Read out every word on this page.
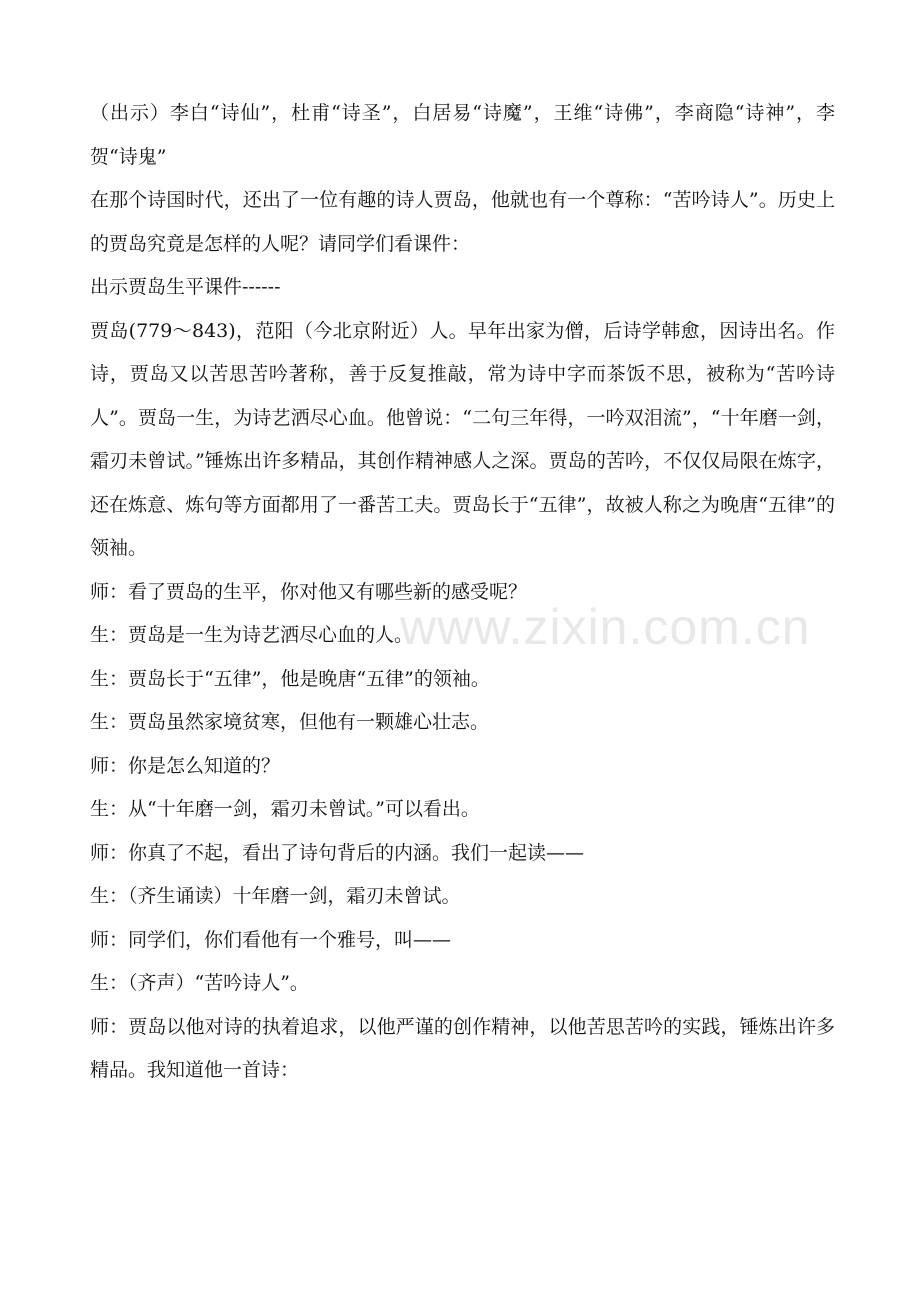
（出示）李白“诗仙”，杜甫“诗圣”，白居易“诗魔”，王维“诗佛”，李商隐“诗神”，李贺“诗鬼”

在那个诗国时代，还出了一位有趣的诗人贾岛，他就也有一个尊称：“苦吟诗人”。历史上的贾岛究竟是怎样的人呢？请同学们看课件：

出示贾岛生平课件------

贾岛(779～843)，范阳（今北京附近）人。早年出家为僧，后诗学韩愈，因诗出名。作诗，贾岛又以苦思苦吟著称，善于反复推敲，常为诗中字而茶饭不思，被称为“苦吟诗人”。贾岛一生，为诗艺洒尽心血。他曾说：“二句三年得，一吟双泪流”，“十年磨一剑，霜刃未曾试。”锤炼出许多精品，其创作精神感人之深。贾岛的苦吟，不仅仅局限在炼字，还在炼意、炼句等方面都用了一番苦工夫。贾岛长于“五律”，故被人称之为晚唐“五律”的领袖。

师：看了贾岛的生平，你对他又有哪些新的感受呢？

生：贾岛是一生为诗艺洒尽心血的人。

生：贾岛长于“五律”，他是晚唐“五律”的领袖。

生：贾岛虽然家境贫寒，但他有一颗雄心壮志。

师：你是怎么知道的？

生：从“十年磨一剑，霜刃未曾试。”可以看出。

师：你真了不起，看出了诗句背后的内涵。我们一起读——

生：（齐生诵读）十年磨一剑，霜刃未曾试。

师：同学们，你们看他有一个雅号，叫——

生：（齐声）“苦吟诗人”。

师：贾岛以他对诗的执着追求，以他严谨的创作精神，以他苦思苦吟的实践，锤炼出许多精品。我知道他一首诗：

www.zixin.com.cn
